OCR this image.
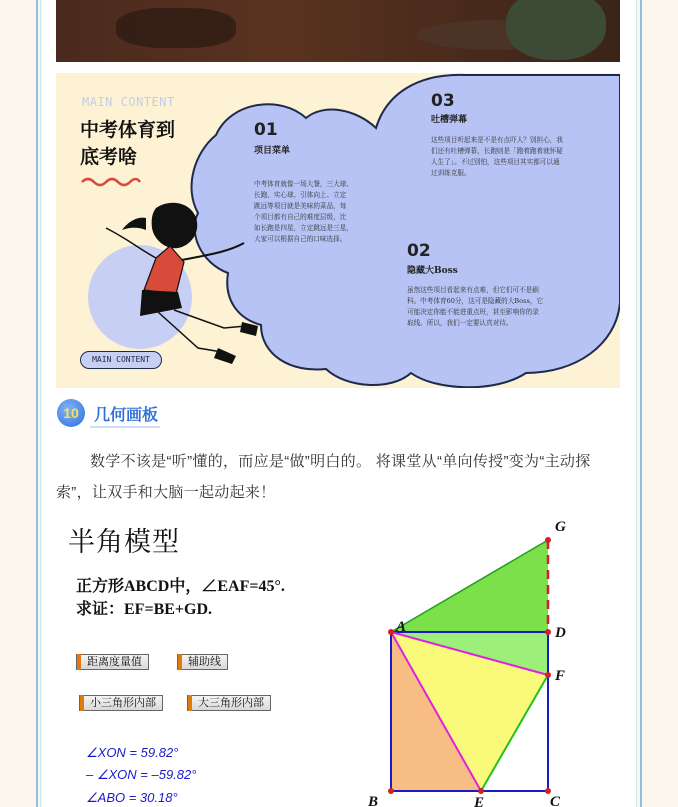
MAIN CONTENT
中考体育到
底考啥
MAIN CONTENT
01
项目菜单
中考体育就像一场大餐，三大球、
长跑、实心球、引体向上、立定
跳远等项目就是美味的菜品，每
个项目都有自己的难度层级，比
如长跑是四星，立定跳远是三星，
大家可以根据自己的口味选择。
03
吐槽弹幕
这些项目听起来是不是有点吓人？别担心，我
们还有吐槽弹幕，长跑则是「跑着跑着就怀疑
人生了」。不过别怕，这些项目其实都可以通
过训练克服。
02
隐藏大Boss
虽然这些项目看起来有点难，但它们可不是刷
科。中考体育60分，这可是隐藏的大Boss，它
可能决定你能不能进重点班，甚至影响你的录
取线。所以，我们一定要认真对待。
10 几何画板
数学不该是“听”懂的，而应是“做”明白的。 将课堂从“单向传授”变为“主动探索”，让双手和大脑一起动起来！
半角模型
正方形ABCD中，∠EAF=45°.
求证：EF=BE+GD.
距离度量值	辅助线
小三角形内部	大三角形内部
∠XON = 59.82°
– ∠XON = –59.82°
∠ABO = 30.18°
G
A	D
F
B	E	C
